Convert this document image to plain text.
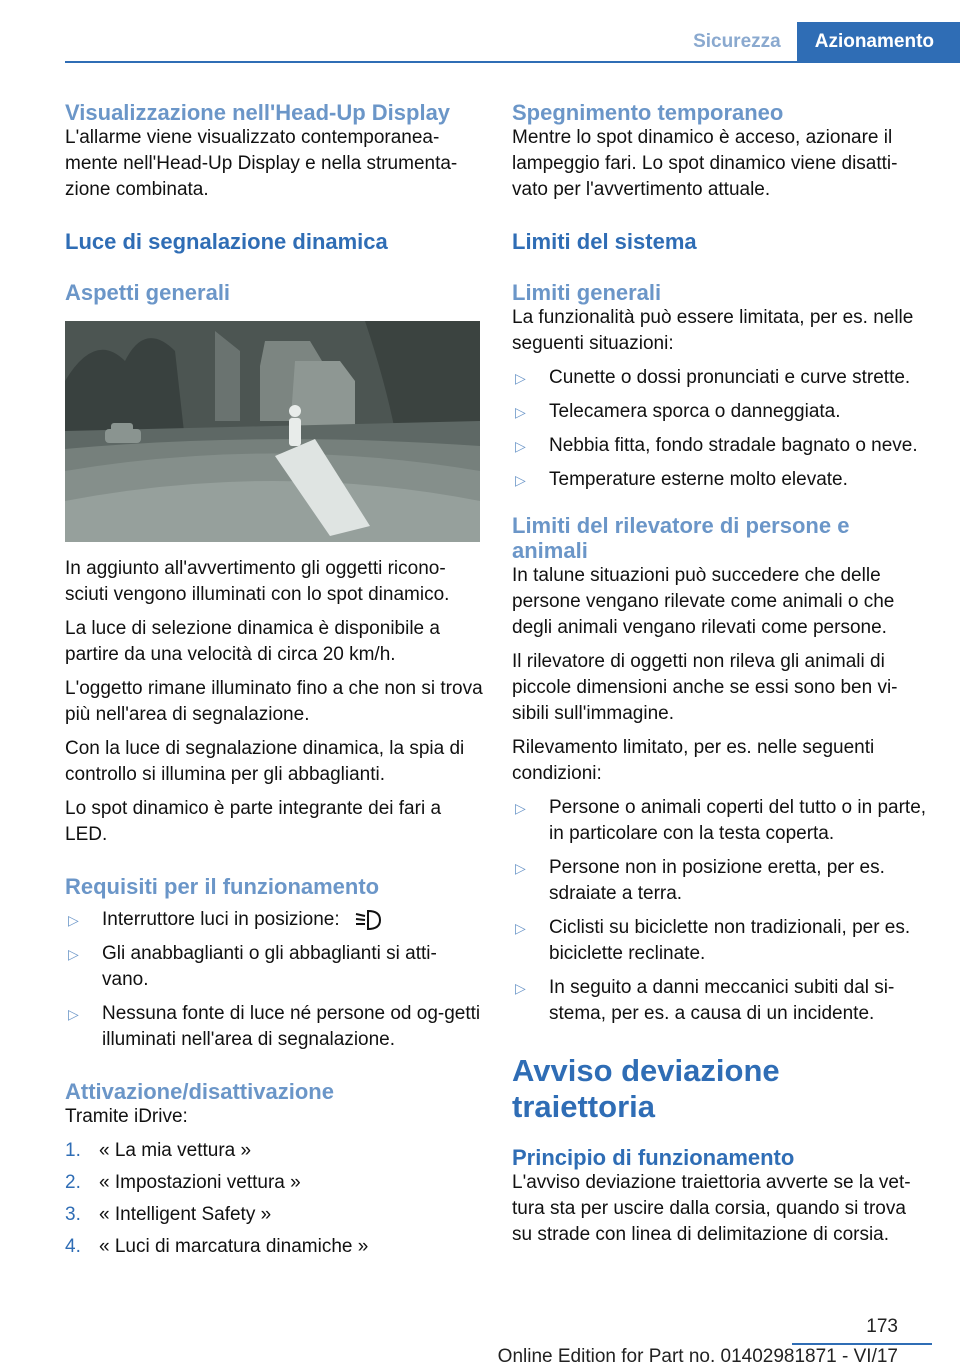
Sicurezza	Azionamento
Visualizzazione nell'Head-Up Display

L'allarme viene visualizzato contemporanea-mente nell'Head-Up Display e nella strumenta-zione combinata.

Luce di segnalazione dinamica
Aspetti generali

In aggiunto all'avvertimento gli oggetti ricono-sciuti vengono illuminati con lo spot dinamico.

La luce di selezione dinamica è disponibile a partire da una velocità di circa 20 km/h.

L'oggetto rimane illuminato fino a che non si trova più nell'area di segnalazione.

Con la luce di segnalazione dinamica, la spia di controllo si illumina per gli abbaglianti.

Lo spot dinamico è parte integrante dei fari a LED.

Requisiti per il funzionamento
▷	Interruttore luci in posizione:
▷	Gli anabbaglianti o gli abbaglianti si atti-vano.
▷	Nessuna fonte di luce né persone od og-getti illuminati nell'area di segnalazione.
Attivazione/disattivazione

Tramite iDrive:

1. « La mia vettura »
2. « Impostazioni vettura »
3. « Intelligent Safety »
4. « Luci di marcatura dinamiche »
Spegnimento temporaneo

Mentre lo spot dinamico è acceso, azionare il lampeggio fari. Lo spot dinamico viene disatti-vato per l'avvertimento attuale.

Limiti del sistema
Limiti generali

La funzionalità può essere limitata, per es. nelle seguenti situazioni:

▷	Cunette o dossi pronunciati e curve strette.
▷	Telecamera sporca o danneggiata.
▷	Nebbia fitta, fondo stradale bagnato o neve.
▷	Temperature esterne molto elevate.
Limiti del rilevatore di persone e animali

In talune situazioni può succedere che delle persone vengano rilevate come animali o che degli animali vengano rilevati come persone.

Il rilevatore di oggetti non rileva gli animali di piccole dimensioni anche se essi sono ben vi-sibili sull'immagine.

Rilevamento limitato, per es. nelle seguenti condizioni:

▷	Persone o animali coperti del tutto o in parte, in particolare con la testa coperta.
▷	Persone non in posizione eretta, per es. sdraiate a terra.
▷	Ciclisti su biciclette non tradizionali, per es. biciclette reclinate.
▷	In seguito a danni meccanici subiti dal si-stema, per es. a causa di un incidente.
Avviso deviazione traiettoria
Principio di funzionamento

L'avviso deviazione traiettoria avverte se la vet-tura sta per uscire dalla corsia, quando si trova su strade con linea di delimitazione di corsia.

173
Online Edition for Part no. 01402981871 - VI/17
